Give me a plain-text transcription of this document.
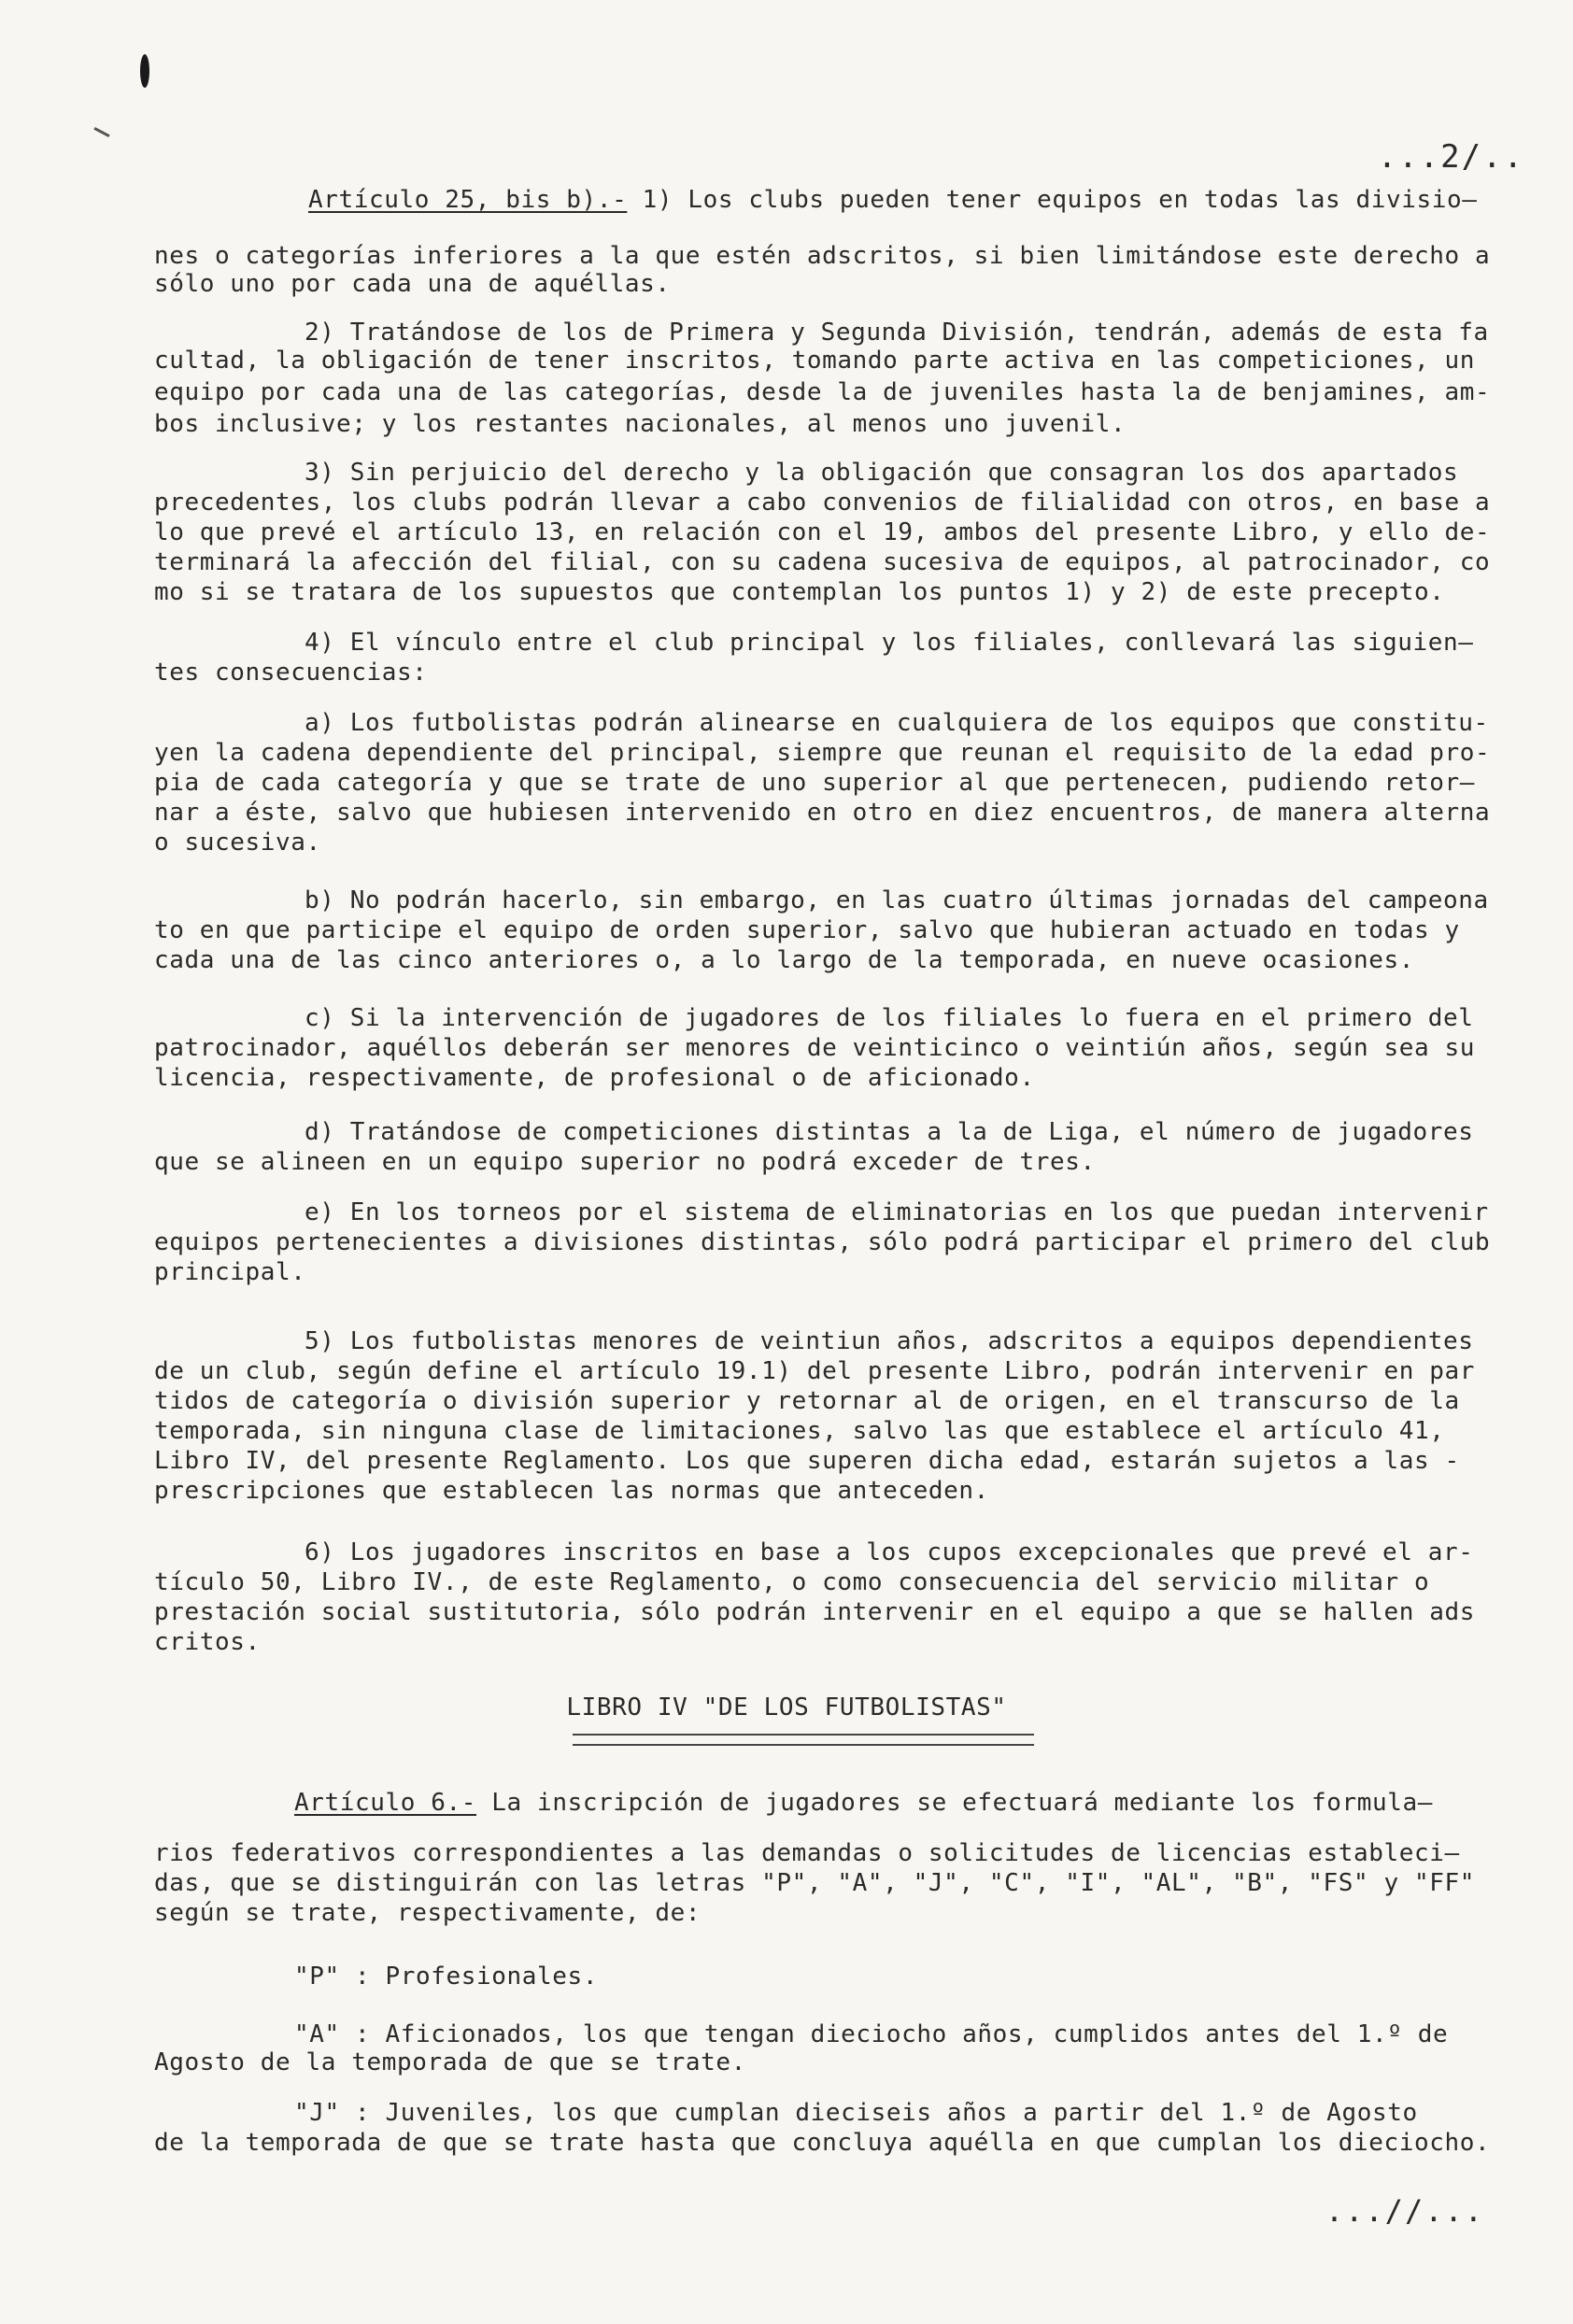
...2/..
Artículo 25, bis b).- 1) Los clubs pueden tener equipos en todas las divisio—
nes o categorías inferiores a la que estén adscritos, si bien limitándose este derecho a
sólo uno por cada una de aquéllas.
2) Tratándose de los de Primera y Segunda División, tendrán, además de esta fa
cultad, la obligación de tener inscritos, tomando parte activa en las competiciones, un
equipo por cada una de las categorías, desde la de juveniles hasta la de benjamines, am-
bos inclusive; y los restantes nacionales, al menos uno juvenil.
3) Sin perjuicio del derecho y la obligación que consagran los dos apartados
precedentes, los clubs podrán llevar a cabo convenios de filialidad con otros, en base a
lo que prevé el artículo 13, en relación con el 19, ambos del presente Libro, y ello de-
terminará la afección del filial, con su cadena sucesiva de equipos, al patrocinador, co
mo si se tratara de los supuestos que contemplan los puntos 1) y 2) de este precepto.
4) El vínculo entre el club principal y los filiales, conllevará las siguien—
tes consecuencias:
a) Los futbolistas podrán alinearse en cualquiera de los equipos que constitu-
yen la cadena dependiente del principal, siempre que reunan el requisito de la edad pro-
pia de cada categoría y que se trate de uno superior al que pertenecen, pudiendo retor—
nar a éste, salvo que hubiesen intervenido en otro en diez encuentros, de manera alterna
o sucesiva.
b) No podrán hacerlo, sin embargo, en las cuatro últimas jornadas del campeona
to en que participe el equipo de orden superior, salvo que hubieran actuado en todas y
cada una de las cinco anteriores o, a lo largo de la temporada, en nueve ocasiones.
c) Si la intervención de jugadores de los filiales lo fuera en el primero del
patrocinador, aquéllos deberán ser menores de veinticinco o veintiún años, según sea su
licencia, respectivamente, de profesional o de aficionado.
d) Tratándose de competiciones distintas a la de Liga, el número de jugadores
que se alineen en un equipo superior no podrá exceder de tres.
e) En los torneos por el sistema de eliminatorias en los que puedan intervenir
equipos pertenecientes a divisiones distintas, sólo podrá participar el primero del club
principal.
5) Los futbolistas menores de veintiun años, adscritos a equipos dependientes
de un club, según define el artículo 19.1) del presente Libro, podrán intervenir en par
tidos de categoría o división superior y retornar al de origen, en el transcurso de la
temporada, sin ninguna clase de limitaciones, salvo las que establece el artículo 41,
Libro IV, del presente Reglamento. Los que superen dicha edad, estarán sujetos a las -
prescripciones que establecen las normas que anteceden.
6) Los jugadores inscritos en base a los cupos excepcionales que prevé el ar-
tículo 50, Libro IV., de este Reglamento, o como consecuencia del servicio militar o
prestación social sustitutoria, sólo podrán intervenir en el equipo a que se hallen ads
critos.
LIBRO IV "DE LOS FUTBOLISTAS"
Artículo 6.- La inscripción de jugadores se efectuará mediante los formula—
rios federativos correspondientes a las demandas o solicitudes de licencias estableci—
das, que se distinguirán con las letras "P", "A", "J", "C", "I", "AL", "B", "FS" y "FF"
según se trate, respectivamente, de:
"P" : Profesionales.
"A" : Aficionados, los que tengan dieciocho años, cumplidos antes del 1.º de
Agosto de la temporada de que se trate.
"J" : Juveniles, los que cumplan dieciseis años a partir del 1.º de Agosto
de la temporada de que se trate hasta que concluya aquélla en que cumplan los dieciocho.
...//...
